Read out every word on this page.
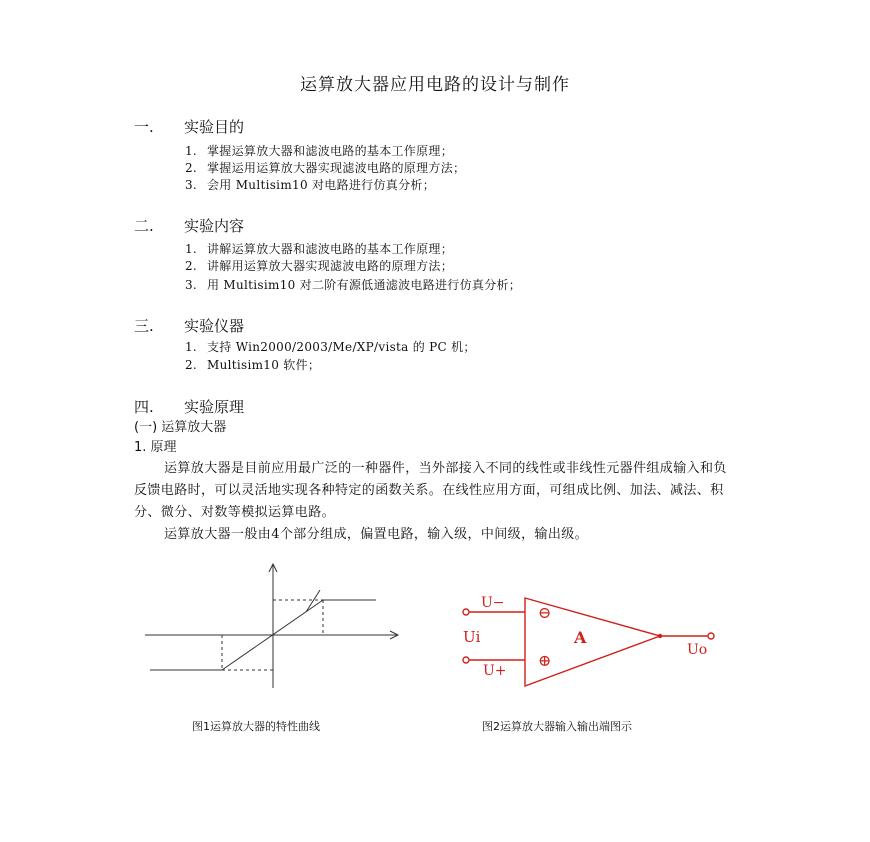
运算放大器应用电路的设计与制作
一. 实验目的
1. 掌握运算放大器和滤波电路的基本工作原理；
2. 掌握运用运算放大器实现滤波电路的原理方法；
3. 会用 Multisim10 对电路进行仿真分析；
二. 实验内容
1. 讲解运算放大器和滤波电路的基本工作原理；
2. 讲解用运算放大器实现滤波电路的原理方法；
3. 用 Multisim10 对二阶有源低通滤波电路进行仿真分析；
三. 实验仪器
1. 支持 Win2000/2003/Me/XP/vista 的 PC 机；
2. Multisim10 软件；
四. 实验原理
(一) 运算放大器
1. 原理
运算放大器是目前应用最广泛的一种器件，当外部接入不同的线性或非线性元器件组成输入和负反馈电路时，可以灵活地实现各种特定的函数关系。在线性应用方面，可组成比例、加法、减法、积分、微分、对数等模拟运算电路。
运算放大器一般由4个部分组成，偏置电路，输入级，中间级，输出级。
U−
U+
Ui
Uo
A
⊖
⊕
图1运算放大器的特性曲线	图2运算放大器输入输出端图示
